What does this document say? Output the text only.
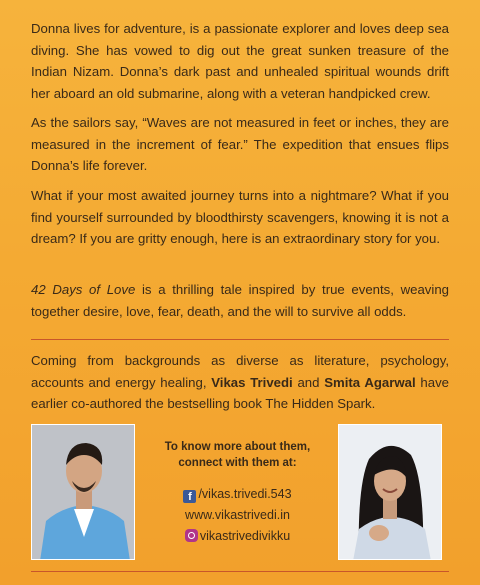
Donna lives for adventure, is a passionate explorer and loves deep sea diving. She has vowed to dig out the great sunken treasure of the Indian Nizam. Donna’s dark past and unhealed spiritual wounds drift her aboard an old submarine, along with a veteran handpicked crew.

As the sailors say, “Waves are not measured in feet or inches, they are measured in the increment of fear.” The expedition that ensues flips Donna’s life forever.

What if your most awaited journey turns into a nightmare? What if you find yourself surrounded by bloodthirsty scavengers, knowing it is not a dream? If you are gritty enough, here is an extraordinary story for you.

42 Days of Love is a thrilling tale inspired by true events, weaving together desire, love, fear, death, and the will to survive all odds.

Coming from backgrounds as diverse as literature, psychology, accounts and energy healing, Vikas Trivedi and Smita Agarwal have earlier co-authored the bestselling book The Hidden Spark.

To know more about them,
connect with them at:
f /vikas.trivedi.543
www.vikastrivedi.in
vikastrivedivikku
